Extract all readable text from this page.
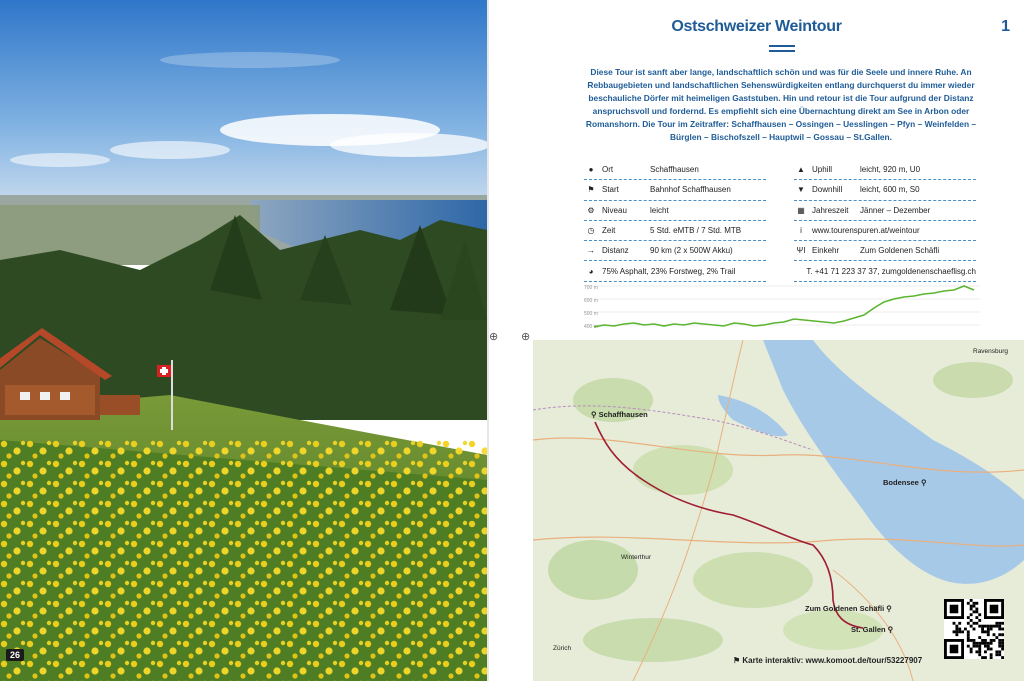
26
Ostschweizer Weintour	1
Diese Tour ist sanft aber lange, landschaftlich schön und was für die Seele und innere Ruhe. An Rebbaugebieten und landschaftlichen Sehenswürdigkeiten entlang durchquerst du immer wieder beschauliche Dörfer mit heimeligen Gaststuben. Hin und retour ist die Tour aufgrund der Distanz anspruchsvoll und fordernd. Es empfiehlt sich eine Übernachtung direkt am See in Arbon oder Romanshorn. Die Tour im Zeitraffer: Schaffhausen – Ossingen – Uesslingen – Pfyn – Weinfelden – Bürglen – Bischofszell – Hauptwil – Gossau – St.Gallen.
●	Ort	Schaffhausen
⚑ Start	Bahnhof Schaffhausen
⚙ Niveau	leicht
◷ Zeit	5 Std. eMTB / 7 Std. MTB
→ Distanz	90 km (2 x 500W Akku)
◕	75% Asphalt, 23% Forstweg, 2% Trail
▲ Uphill	leicht, 920 m, U0
▼ Downhill	leicht, 600 m, S0
▦ Jahreszeit	Jänner – Dezember
i	www.tourenspuren.at/weintour
ΨΙ Einkehr	Zum Goldenen Schäfli
T. +41 71 223 37 37, zumgoldenenschaeflisg.ch
700 m
600 m
500 m
400 m
⊕ ⊕
⚲ Schaffhausen
Bodensee ⚲
Zum Goldenen Schäfli ⚲
St. Gallen ⚲
Winterthur
Ravensburg
Zürich
⚑ Karte interaktiv: www.komoot.de/tour/53227907
